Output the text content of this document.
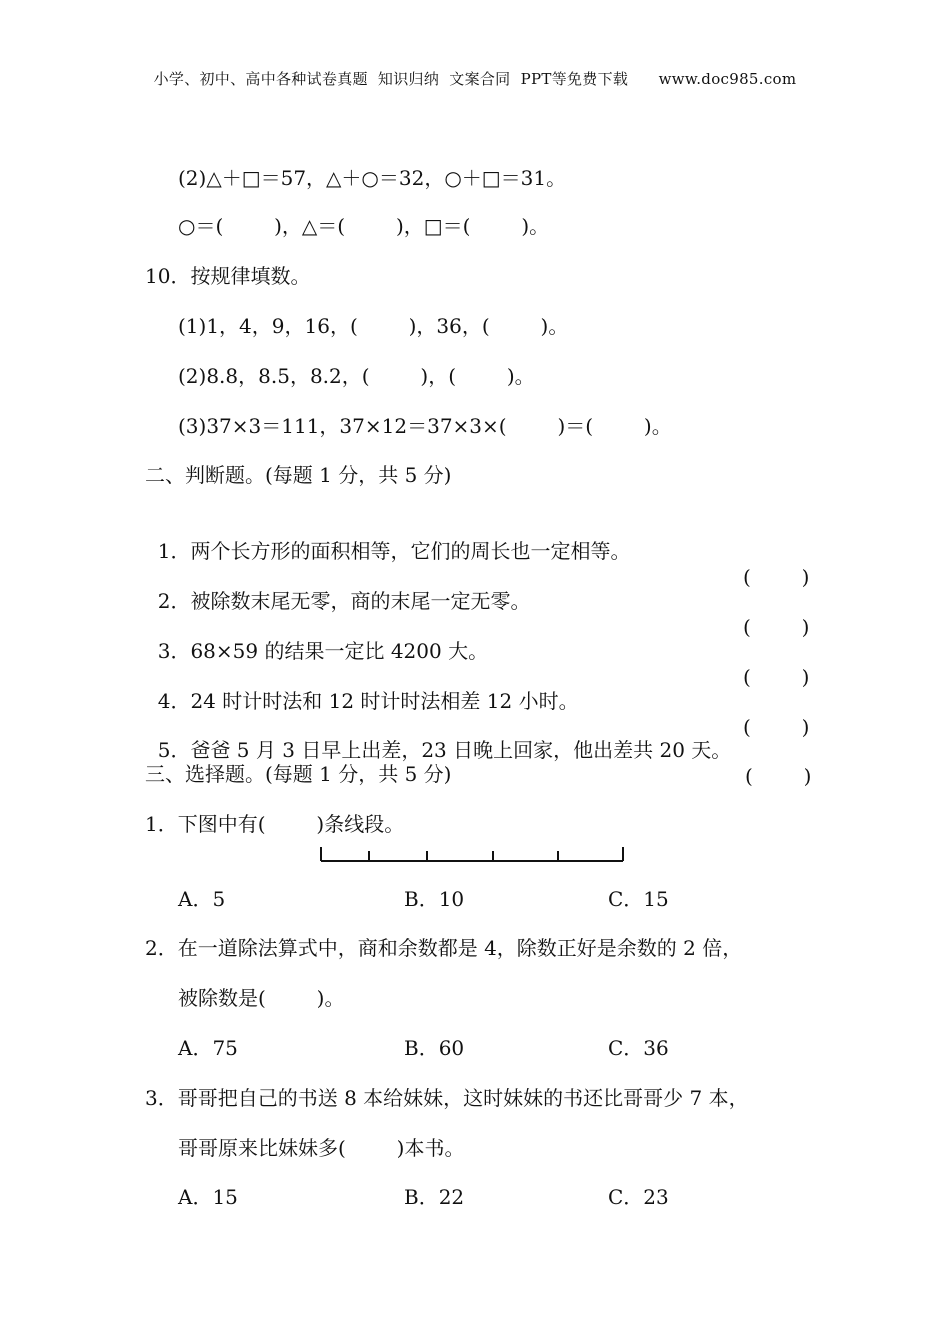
小学、初中、高中各种试卷真题  知识归纳  文案合同  PPT等免费下载      www.doc985.com
(2)△＋□＝57，△＋○＝32，○＋□＝31。
○＝(        )，△＝(        )，□＝(        )。
10．按规律填数。
(1)1，4，9，16，(        )，36，(        )。
(2)8.8，8.5，8.2，(        )，(        )。
(3)37×3＝111，37×12＝37×3×(        )＝(        )。
二、判断题。(每题 1 分，共 5 分)

1．两个长方形的面积相等，它们的周长也一定相等。

(        )

2．被除数末尾无零，商的末尾一定无零。

(        )

3．68×59 的结果一定比 4200 大。

(        )

4．24 时计时法和 12 时计时法相差 12 小时。

(        )

5．爸爸 5 月 3 日早上出差，23 日晚上回家，他出差共 20 天。

(        )

三、选择题。(每题 1 分，共 5 分)
1．下图中有(        )条线段。
A．5	B．10	C．15
2．在一道除法算式中，商和余数都是 4，除数正好是余数的 2 倍，
被除数是(        )。
A．75	B．60	C．36
3．哥哥把自己的书送 8 本给妹妹，这时妹妹的书还比哥哥少 7 本，
哥哥原来比妹妹多(        )本书。
A．15	B．22	C．23
